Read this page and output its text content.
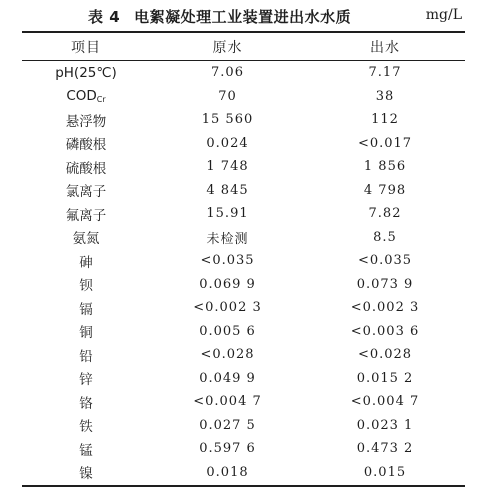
表 4 电絮凝处理工业装置进出水水质	mg/L
项目	原水	出水
pH(25℃)	7.06	7.17
$COD_{Cr}$	70	38
悬浮物	15 560	112
磷酸根	0.024	<0.017
硫酸根	1 748	1 856
氯离子	4 845	4 798
氟离子	15.91	7.82
氨氮	未检测	8.5
砷	<0.035	<0.035
钡	0.069 9	0.073 9
镉	<0.002 3	<0.002 3
铜	0.005 6	<0.003 6
铅	<0.028	<0.028
锌	0.049 9	0.015 2
铬	<0.004 7	<0.004 7
铁	0.027 5	0.023 1
锰	0.597 6	0.473 2
镍	0.018	0.015
